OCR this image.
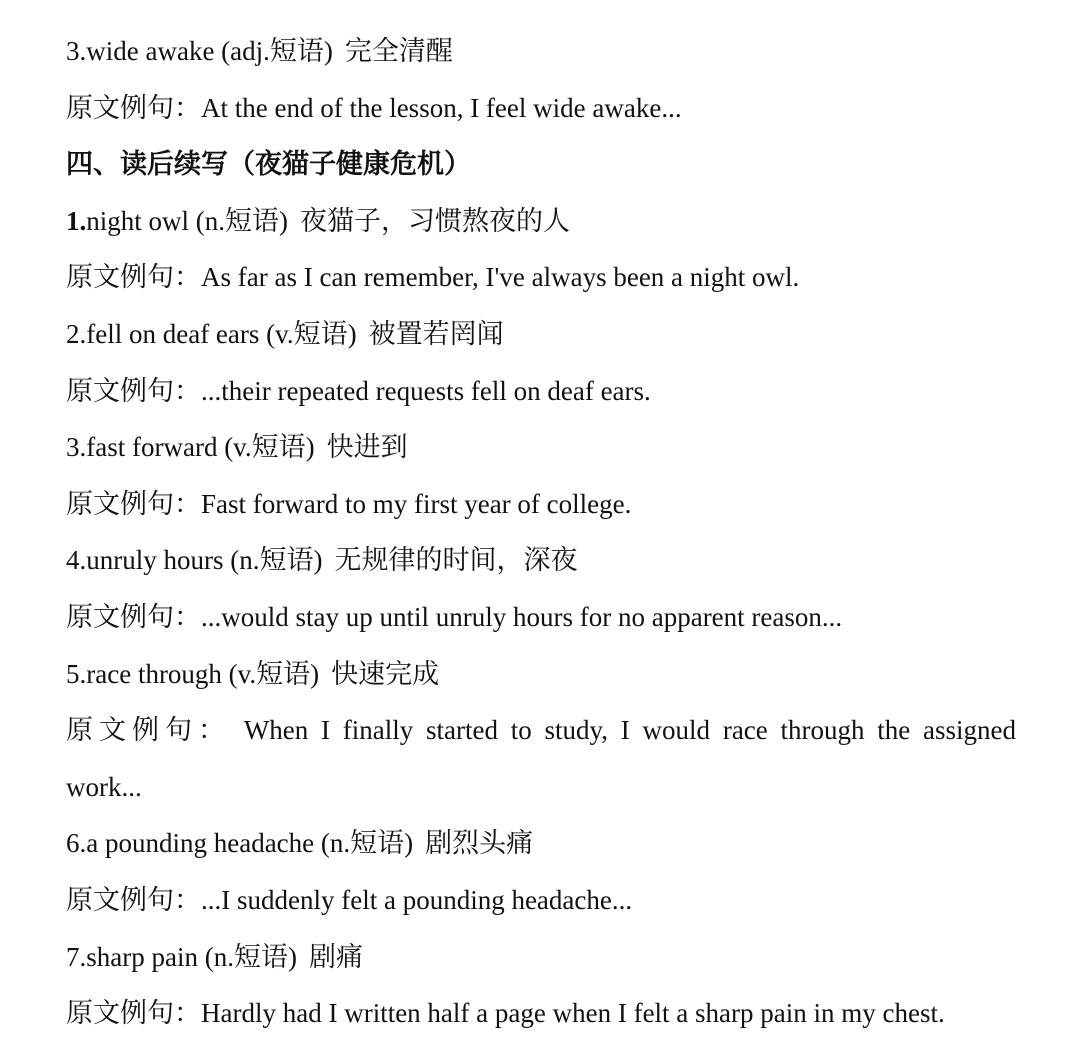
3.wide awake (adj.短语) 完全清醒
原文例句：At the end of the lesson, I feel wide awake...
四、读后续写（夜猫子健康危机）
1.night owl (n.短语) 夜猫子，习惯熬夜的人
原文例句：As far as I can remember, I've always been a night owl.
2.fell on deaf ears (v.短语) 被置若罔闻
原文例句：...their repeated requests fell on deaf ears.
3.fast forward (v.短语) 快进到
原文例句：Fast forward to my first year of college.
4.unruly hours (n.短语) 无规律的时间，深夜
原文例句：...would stay up until unruly hours for no apparent reason...
5.race through (v.短语) 快速完成
原文例句： When I finally started to study, I would race through the assigned
work...
6.a pounding headache (n.短语) 剧烈头痛
原文例句：...I suddenly felt a pounding headache...
7.sharp pain (n.短语) 剧痛
原文例句：Hardly had I written half a page when I felt a sharp pain in my chest.
